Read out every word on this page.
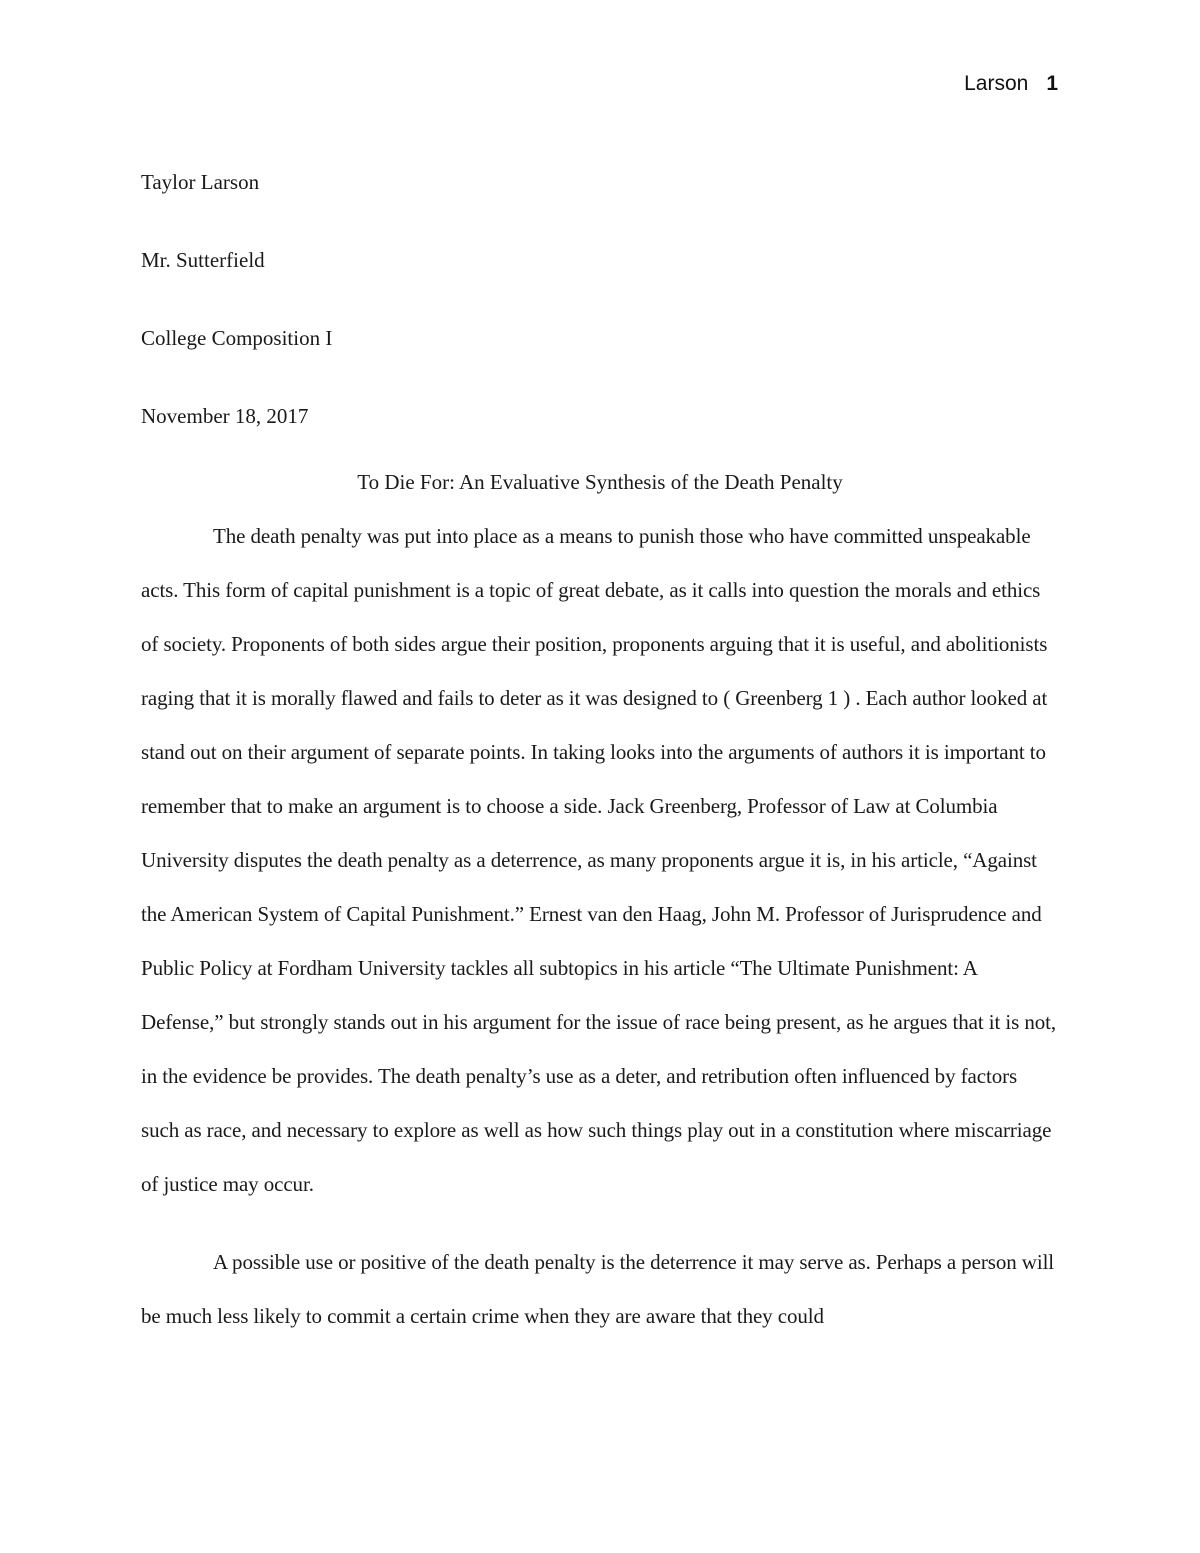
Larson 1

Taylor Larson

Mr. Sutterfield

College Composition I

November 18, 2017

To Die For: An Evaluative Synthesis of the Death Penalty

The death penalty was put into place as a means to punish those who have committed unspeakable acts. This form of capital punishment is a topic of great debate, as it calls into question the morals and ethics of society. Proponents of both sides argue their position, proponents arguing that it is useful, and abolitionists raging that it is morally flawed and fails to deter as it was designed to ( Greenberg 1 ) . Each author looked at stand out on their argument of separate points. In taking looks into the arguments of authors it is important to remember that to make an argument is to choose a side. Jack Greenberg, Professor of Law at Columbia University disputes the death penalty as a deterrence, as many proponents argue it is, in his article, “Against the American System of Capital Punishment.” Ernest van den Haag, John M. Professor of Jurisprudence and Public Policy at Fordham University tackles all subtopics in his article “The Ultimate Punishment: A Defense,” but strongly stands out in his argument for the issue of race being present, as he argues that it is not, in the evidence be provides. The death penalty’s use as a deter, and retribution often influenced by factors such as race, and necessary to explore as well as how such things play out in a constitution where miscarriage of justice may occur.

A possible use or positive of the death penalty is the deterrence it may serve as. Perhaps a person will be much less likely to commit a certain crime when they are aware that they could
